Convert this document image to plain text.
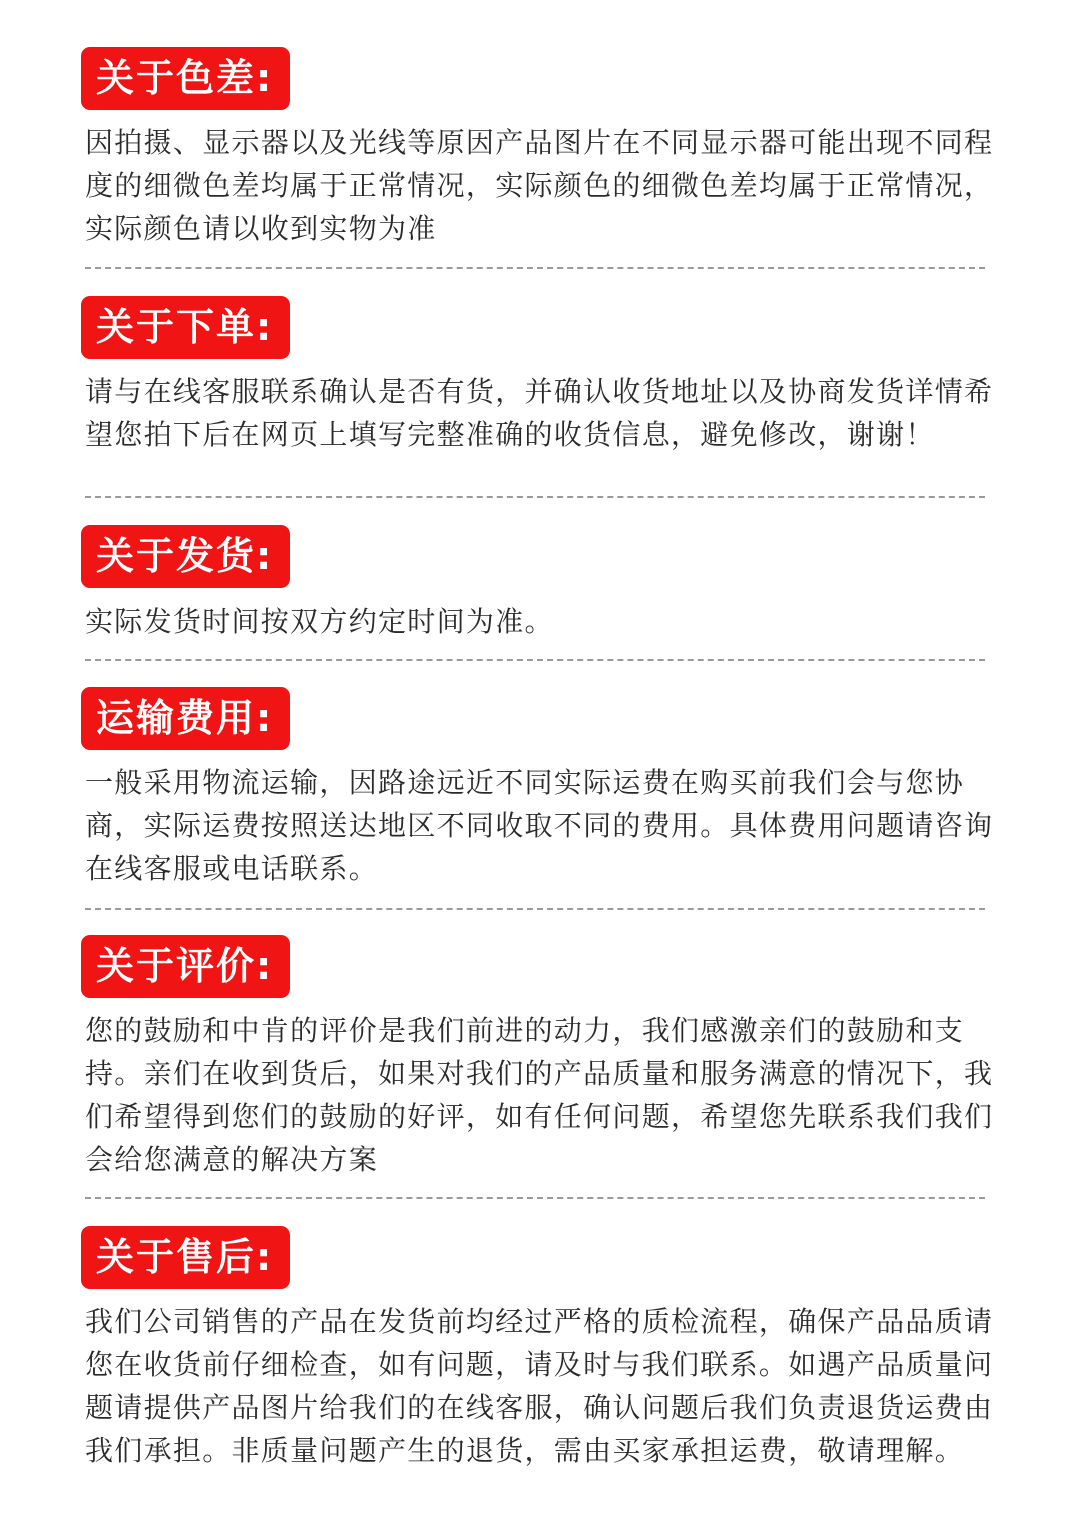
关于色差:

因拍摄、显示器以及光线等原因产品图片在不同显示器可能出现不同程度的细微色差均属于正常情况，实际颜色的细微色差均属于正常情况，实际颜色请以收到实物为准

关于下单:

请与在线客服联系确认是否有货，并确认收货地址以及协商发货详情希望您拍下后在网页上填写完整准确的收货信息，避免修改，谢谢！

关于发货:

实际发货时间按双方约定时间为准。

运输费用:

一般采用物流运输，因路途远近不同实际运费在购买前我们会与您协商，实际运费按照送达地区不同收取不同的费用。具体费用问题请咨询在线客服或电话联系。

关于评价:

您的鼓励和中肯的评价是我们前进的动力，我们感激亲们的鼓励和支持。亲们在收到货后，如果对我们的产品质量和服务满意的情况下，我们希望得到您们的鼓励的好评，如有任何问题，希望您先联系我们我们会给您满意的解决方案

关于售后:

我们公司销售的产品在发货前均经过严格的质检流程，确保产品品质请您在收货前仔细检查，如有问题，请及时与我们联系。如遇产品质量问题请提供产品图片给我们的在线客服，确认问题后我们负责退货运费由我们承担。非质量问题产生的退货，需由买家承担运费，敬请理解。
